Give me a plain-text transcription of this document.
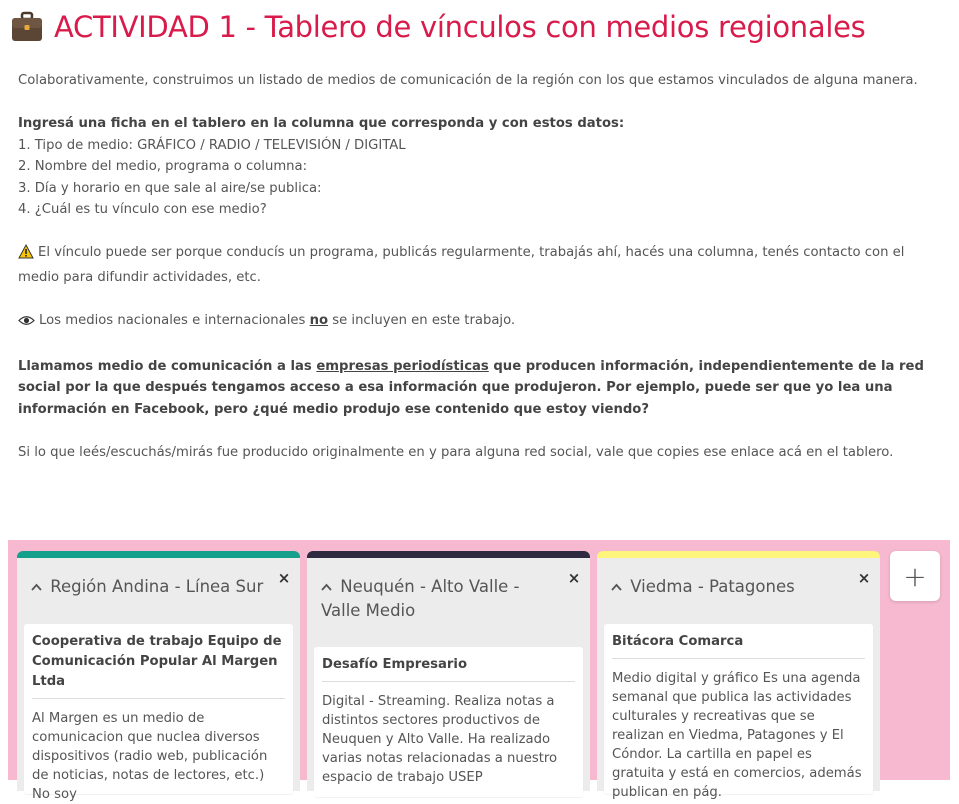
ACTIVIDAD 1 - Tablero de vínculos con medios regionales

Colaborativamente, construimos un listado de medios de comunicación de la región con los que estamos vinculados de alguna manera.

Ingresá una ficha en el tablero en la columna que corresponda y con estos datos:

1. Tipo de medio: GRÁFICO / RADIO / TELEVISIÓN / DIGITAL

2. Nombre del medio, programa o columna:

3. Día y horario en que sale al aire/se publica:

4. ¿Cuál es tu vínculo con ese medio?

El vínculo puede ser porque conducís un programa, publicás regularmente, trabajás ahí, hacés una columna, tenés contacto con el medio para difundir actividades, etc.

Los medios nacionales e internacionales no se incluyen en este trabajo.

Llamamos medio de comunicación a las empresas periodísticas que producen información, independientemente de la red social por la que después tengamos acceso a esa información que produjeron. Por ejemplo, puede ser que yo lea una información en Facebook, pero ¿qué medio produjo ese contenido que estoy viendo?

Si lo que leés/escuchás/mirás fue producido originalmente en y para alguna red social, vale que copies ese enlace acá en el tablero.

Región Andina - Línea Sur ×
Cooperativa de trabajo Equipo de Comunicación Popular Al Margen Ltda
Al Margen es un medio de comunicacion que nuclea diversos dispositivos (radio web, publicación de noticias, notas de lectores, etc.) No soy
Neuquén - Alto Valle - Valle Medio
×
Desafío Empresario
Digital - Streaming. Realiza notas a distintos sectores productivos de Neuquen y Alto Valle. Ha realizado varias notas relacionadas a nuestro espacio de trabajo USEP
Viedma - Patagones	×
Bitácora Comarca
Medio digital y gráfico Es una agenda semanal que publica las actividades culturales y recreativas que se realizan en Viedma, Patagones y El Cóndor. La cartilla en papel es gratuita y está en comercios, además publican en pág.
+
